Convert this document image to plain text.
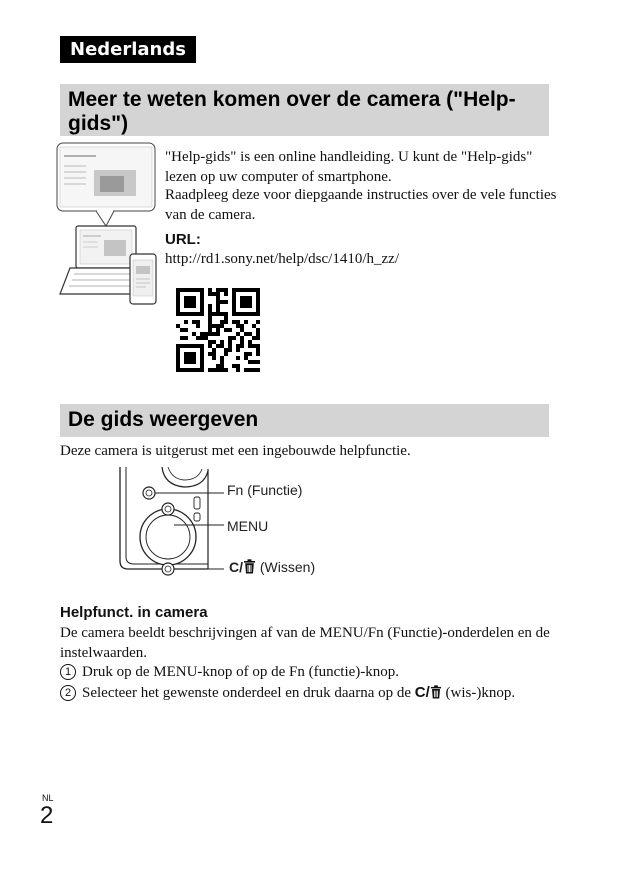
Nederlands
Meer te weten komen over de camera ("Help-gids")
"Help-gids" is een online handleiding. U kunt de "Help-gids" lezen op uw computer of smartphone.
Raadpleeg deze voor diepgaande instructies over de vele functies van de camera.
URL:
http://rd1.sony.net/help/dsc/1410/h_zz/
De gids weergeven
Deze camera is uitgerust met een ingebouwde helpfunctie.
Fn (Functie)
MENU
C/ (Wissen)
Helpfunct. in camera
De camera beeldt beschrijvingen af van de MENU/Fn (Functie)-onderdelen en de instelwaarden.
1 Druk op de MENU-knop of op de Fn (functie)-knop.
2 Selecteer het gewenste onderdeel en druk daarna op de C/ (wis-)knop.
NL
2
